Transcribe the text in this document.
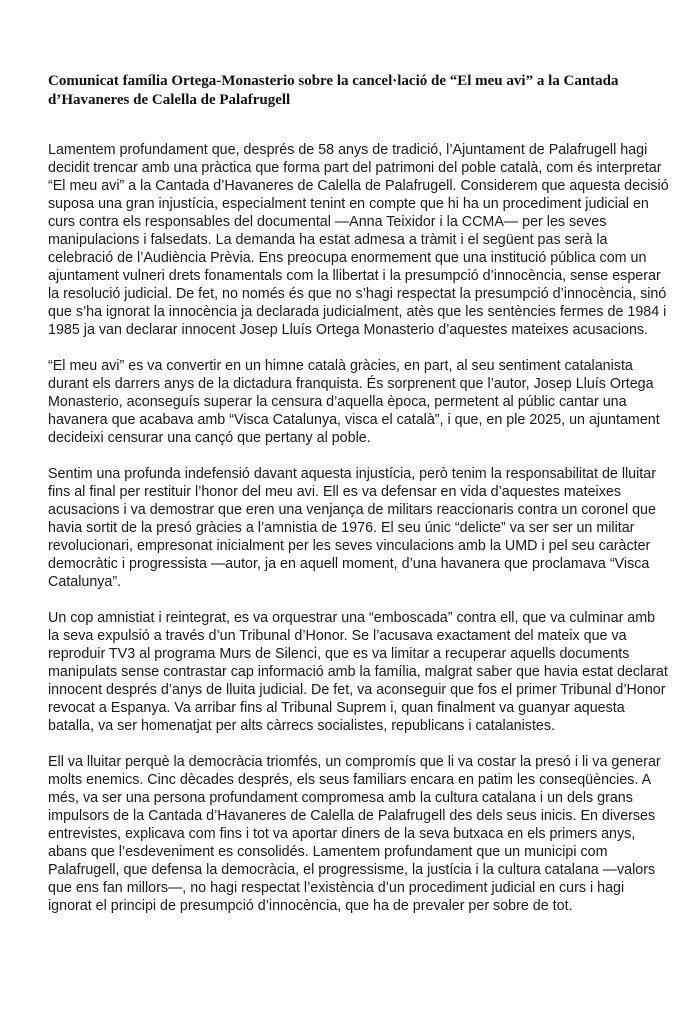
Comunicat família Ortega-Monasterio sobre la cancel·lació de “El meu avi” a la Cantada d’Havaneres de Calella de Palafrugell

Lamentem profundament que, després de 58 anys de tradició, l’Ajuntament de Palafrugell hagi decidit trencar amb una pràctica que forma part del patrimoni del poble català, com és interpretar “El meu avi” a la Cantada d’Havaneres de Calella de Palafrugell. Considerem que aquesta decisió suposa una gran injustícia, especialment tenint en compte que hi ha un procediment judicial en curs contra els responsables del documental —Anna Teixidor i la CCMA— per les seves manipulacions i falsedats. La demanda ha estat admesa a tràmit i el següent pas serà la celebració de l’Audiència Prèvia. Ens preocupa enormement que una institució pública com un ajuntament vulneri drets fonamentals com la llibertat i la presumpció d’innocència, sense esperar la resolució judicial. De fet, no només és que no s’hagi respectat la presumpció d’innocència, sinó que s’ha ignorat la innocència ja declarada judicialment, atès que les sentències fermes de 1984 i 1985 ja van declarar innocent Josep Lluís Ortega Monasterio d’aquestes mateixes acusacions.

“El meu avi” es va convertir en un himne català gràcies, en part, al seu sentiment catalanista durant els darrers anys de la dictadura franquista. És sorprenent que l’autor, Josep Lluís Ortega Monasterio, aconseguís superar la censura d’aquella època, permetent al públic cantar una havanera que acabava amb “Visca Catalunya, visca el català”, i que, en ple 2025, un ajuntament decideixi censurar una cançó que pertany al poble.

Sentim una profunda indefensió davant aquesta injustícia, però tenim la responsabilitat de lluitar fins al final per restituir l’honor del meu avi. Ell es va defensar en vida d’aquestes mateixes acusacions i va demostrar que eren una venjança de militars reaccionaris contra un coronel que havia sortit de la presó gràcies a l’amnistia de 1976. El seu únic “delicte” va ser ser un militar revolucionari, empresonat inicialment per les seves vinculacions amb la UMD i pel seu caràcter democràtic i progressista —autor, ja en aquell moment, d’una havanera que proclamava “Visca Catalunya”.

Un cop amnistiat i reintegrat, es va orquestrar una “emboscada” contra ell, que va culminar amb la seva expulsió a través d’un Tribunal d’Honor. Se l’acusava exactament del mateix que va reproduir TV3 al programa Murs de Silenci, que es va limitar a recuperar aquells documents manipulats sense contrastar cap informació amb la família, malgrat saber que havia estat declarat innocent després d’anys de lluita judicial. De fet, va aconseguir que fos el primer Tribunal d’Honor revocat a Espanya. Va arribar fins al Tribunal Suprem i, quan finalment va guanyar aquesta batalla, va ser homenatjat per alts càrrecs socialistes, republicans i catalanistes.

Ell va lluitar perquè la democràcia triomfés, un compromís que li va costar la presó i li va generar molts enemics. Cinc dècades després, els seus familiars encara en patim les conseqüències. A més, va ser una persona profundament compromesa amb la cultura catalana i un dels grans impulsors de la Cantada d’Havaneres de Calella de Palafrugell des dels seus inicis. En diverses entrevistes, explicava com fins i tot va aportar diners de la seva butxaca en els primers anys, abans que l’esdeveniment es consolidés. Lamentem profundament que un municipi com Palafrugell, que defensa la democràcia, el progressisme, la justícia i la cultura catalana —valors que ens fan millors—, no hagi respectat l’existència d’un procediment judicial en curs i hagi ignorat el principi de presumpció d’innocència, que ha de prevaler per sobre de tot.
